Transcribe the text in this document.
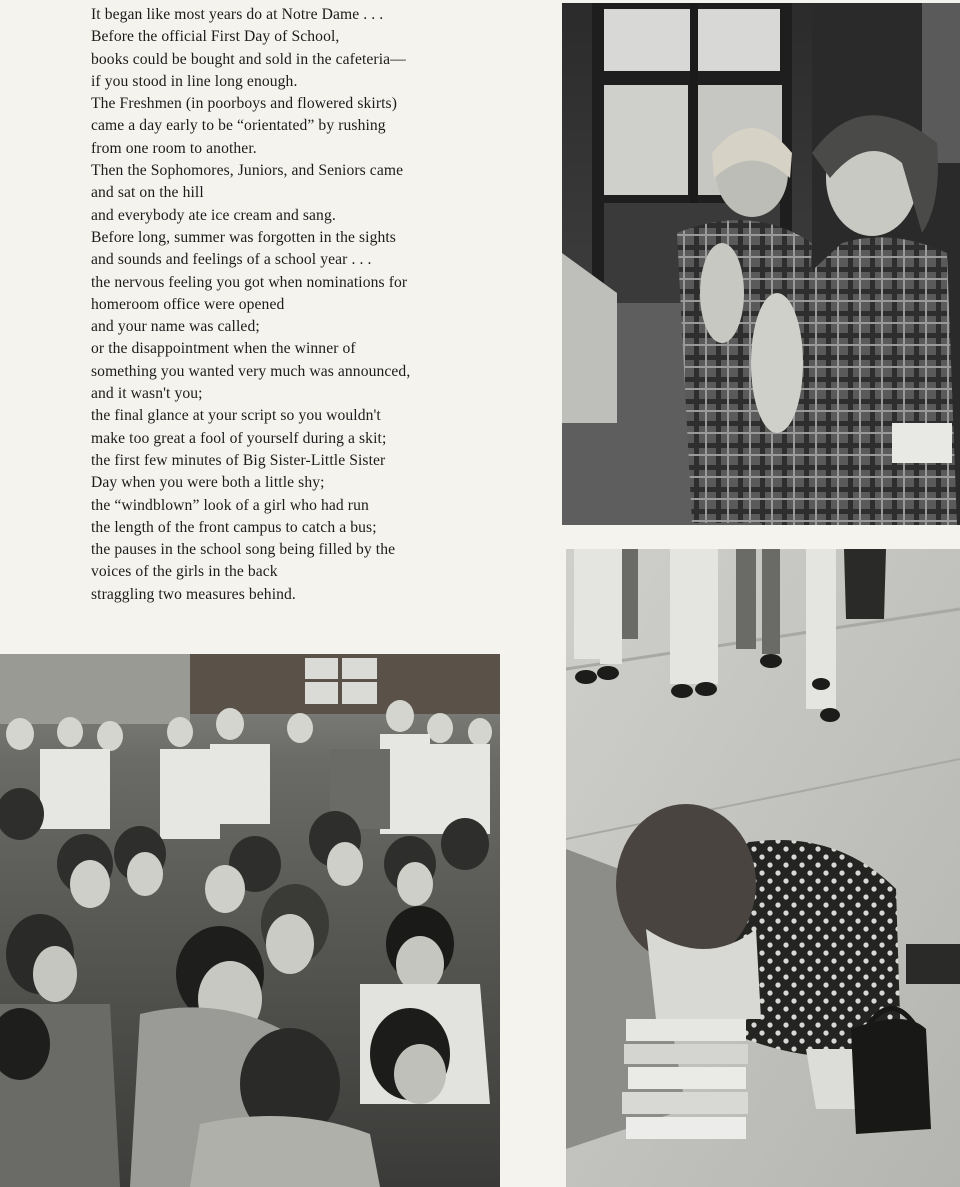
It began like most years do at Notre Dame . . .
Before the official First Day of School,
books could be bought and sold in the cafeteria—
if you stood in line long enough.
The Freshmen (in poorboys and flowered skirts)
came a day early to be “orientated” by rushing
from one room to another.
Then the Sophomores, Juniors, and Seniors came
and sat on the hill
and everybody ate ice cream and sang.
Before long, summer was forgotten in the sights
and sounds and feelings of a school year . . .
the nervous feeling you got when nominations for
homeroom office were opened
and your name was called;
or the disappointment when the winner of
something you wanted very much was announced,
and it wasn't you;
the final glance at your script so you wouldn't
make too great a fool of yourself during a skit;
the first few minutes of Big Sister-Little Sister
Day when you were both a little shy;
the “windblown” look of a girl who had run
the length of the front campus to catch a bus;
the pauses in the school song being filled by the
voices of the girls in the back
straggling two measures behind.
